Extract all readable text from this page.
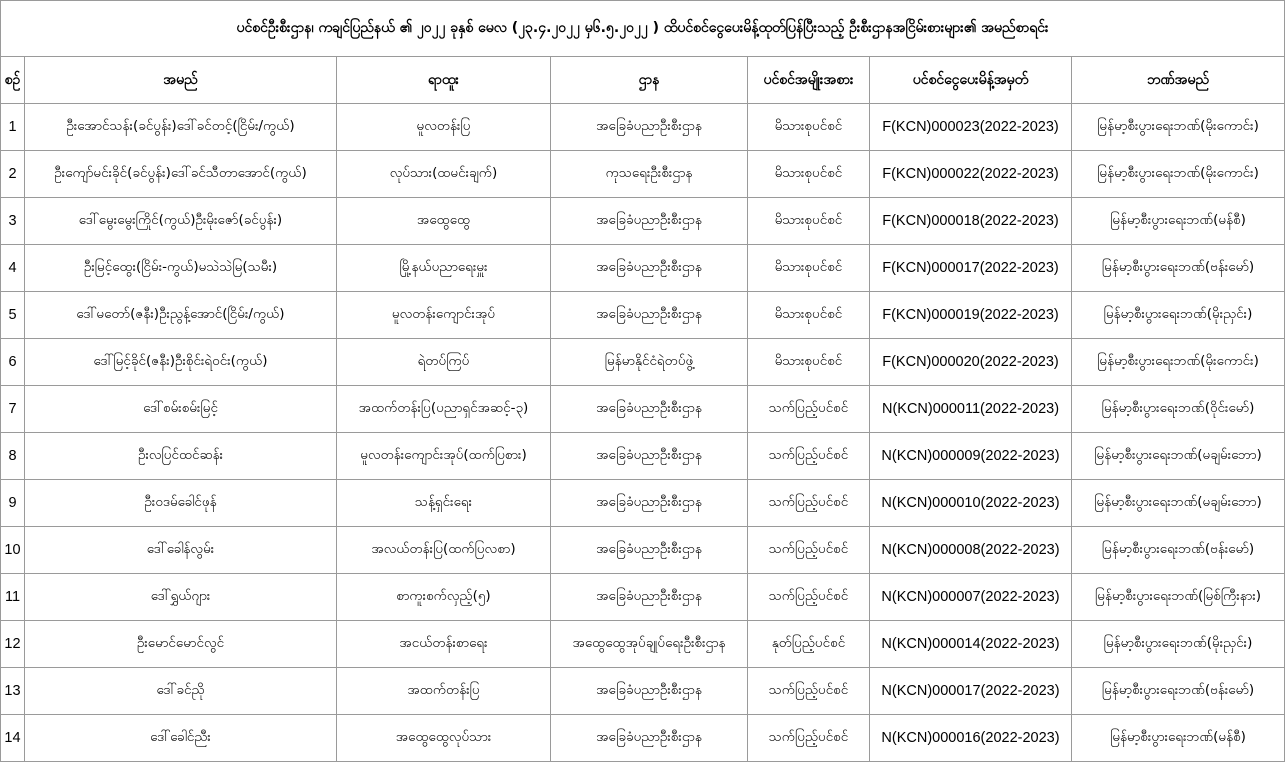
ပင်စင်ဦးစီးဌာန၊ ကချင်ပြည်နယ် ၏ ၂၀၂၂ ခုနှစ် မေလ (၂၃.၄.၂၀၂၂ မှ၆.၅.၂၀၂၂ ) ထိပင်စင်ငွေပေးမိန့်ထုတ်ပြန်ပြီးသည့် ဦးစီးဌာနအငြိမ်းစားများ၏ အမည်စာရင်း						
စဉ်	အမည်	ရာထူး	ဌာန	ပင်စင်အမျိုးအစား	ပင်စင်ငွေပေးမိန့်အမှတ်	ဘဏ်အမည်
1	ဦးအောင်သန်း(ခင်ပွန်း)ဒေါ်ခင်တင့်(ငြိမ်း/ကွယ်)	မူလတန်းပြ	အခြေခံပညာဦးစီးဌာန	မိသားစုပင်စင်	F(KCN)000023(2022-2023)	မြန်မာ့စီးပွားရေးဘဏ်(မိုးကောင်း)
2	ဦးကျော်မင်းခိုင်(ခင်ပွန်း)ဒေါ်ခင်သီတာအောင်(ကွယ်)	လုပ်သား(ထမင်းချက်)	ကုသရေးဦးစီးဌာန	မိသားစုပင်စင်	F(KCN)000022(2022-2023)	မြန်မာ့စီးပွားရေးဘဏ်(မိုးကောင်း)
3	ဒေါ်မွေးမွေးကြိုင်(ကွယ်)ဦးမိုးဇော်(ခင်ပွန်း)	အထွေထွေ	အခြေခံပညာဦးစီးဌာန	မိသားစုပင်စင်	F(KCN)000018(2022-2023)	မြန်မာ့စီးပွားရေးဘဏ်(မန်စီ)
4	ဦးမြင့်ထွေး(ငြိမ်း-ကွယ်)မသဲသဲမြ(သမီး)	မြို့နယ်ပညာရေးမှူး	အခြေခံပညာဦးစီးဌာန	မိသားစုပင်စင်	F(KCN)000017(2022-2023)	မြန်မာ့စီးပွားရေးဘဏ်(ဗန်းမော်)
5	ဒေါ်မတော်(ဇနီး)ဦးညွန့်အောင်(ငြိမ်း/ကွယ်)	မူလတန်းကျောင်းအုပ်	အခြေခံပညာဦးစီးဌာန	မိသားစုပင်စင်	F(KCN)000019(2022-2023)	မြန်မာ့စီးပွားရေးဘဏ်(မိုးညှင်း)
6	ဒေါ်မြင့်ခိုင်(ဇနီး)ဦးစိုင်းရဲဝင်း(ကွယ်)	ရဲတပ်ကြပ်	မြန်မာနိုင်ငံရဲတပ်ဖွဲ့	မိသားစုပင်စင်	F(KCN)000020(2022-2023)	မြန်မာ့စီးပွားရေးဘဏ်(မိုးကောင်း)
7	ဒေါ်စမ်းစမ်းမြင့်	အထက်တန်းပြ(ပညာရှင်အဆင့်-၃)	အခြေခံပညာဦးစီးဌာန	သက်ပြည့်ပင်စင်	N(KCN)000011(2022-2023)	မြန်မာ့စီးပွားရေးဘဏ်(ဝိုင်းမော်)
8	ဦးလပြင်ထင်ဆန်း	မူလတန်းကျောင်းအုပ်(ထက်ပြစား)	အခြေခံပညာဦးစီးဌာန	သက်ပြည့်ပင်စင်	N(KCN)000009(2022-2023)	မြန်မာ့စီးပွားရေးဘဏ်(မချမ်းဘော)
9	ဦးဝဒမ်ခေါင်ဖုန်	သန့်ရှင်းရေး	အခြေခံပညာဦးစီးဌာန	သက်ပြည့်ပင်စင်	N(KCN)000010(2022-2023)	မြန်မာ့စီးပွားရေးဘဏ်(မချမ်းဘော)
10	ဒေါ်ခေါန်လွမ်း	အလယ်တန်းပြ(ထက်ပြလစာ)	အခြေခံပညာဦးစီးဌာန	သက်ပြည့်ပင်စင်	N(KCN)000008(2022-2023)	မြန်မာ့စီးပွားရေးဘဏ်(ဗန်းမော်)
11	ဒေါ်ရွှယ်ဂျား	စာကူးစက်လှည့်(၅)	အခြေခံပညာဦးစီးဌာန	သက်ပြည့်ပင်စင်	N(KCN)000007(2022-2023)	မြန်မာ့စီးပွားရေးဘဏ်(မြစ်ကြီးနား)
12	ဦးမောင်မောင်လွင်	အငယ်တန်းစာရေး	အထွေထွေအုပ်ချုပ်ရေးဦးစီးဌာန	နုတ်ပြည့်ပင်စင်	N(KCN)000014(2022-2023)	မြန်မာ့စီးပွားရေးဘဏ်(မိုးညှင်း)
13	ဒေါ်ခင်ညို	အထက်တန်းပြ	အခြေခံပညာဦးစီးဌာန	သက်ပြည့်ပင်စင်	N(KCN)000017(2022-2023)	မြန်မာ့စီးပွားရေးဘဏ်(ဗန်းမော်)
14	ဒေါ်ခေါင်ညီး	အထွေထွေလုပ်သား	အခြေခံပညာဦးစီးဌာန	သက်ပြည့်ပင်စင်	N(KCN)000016(2022-2023)	မြန်မာ့စီးပွားရေးဘဏ်(မန်စီ)
